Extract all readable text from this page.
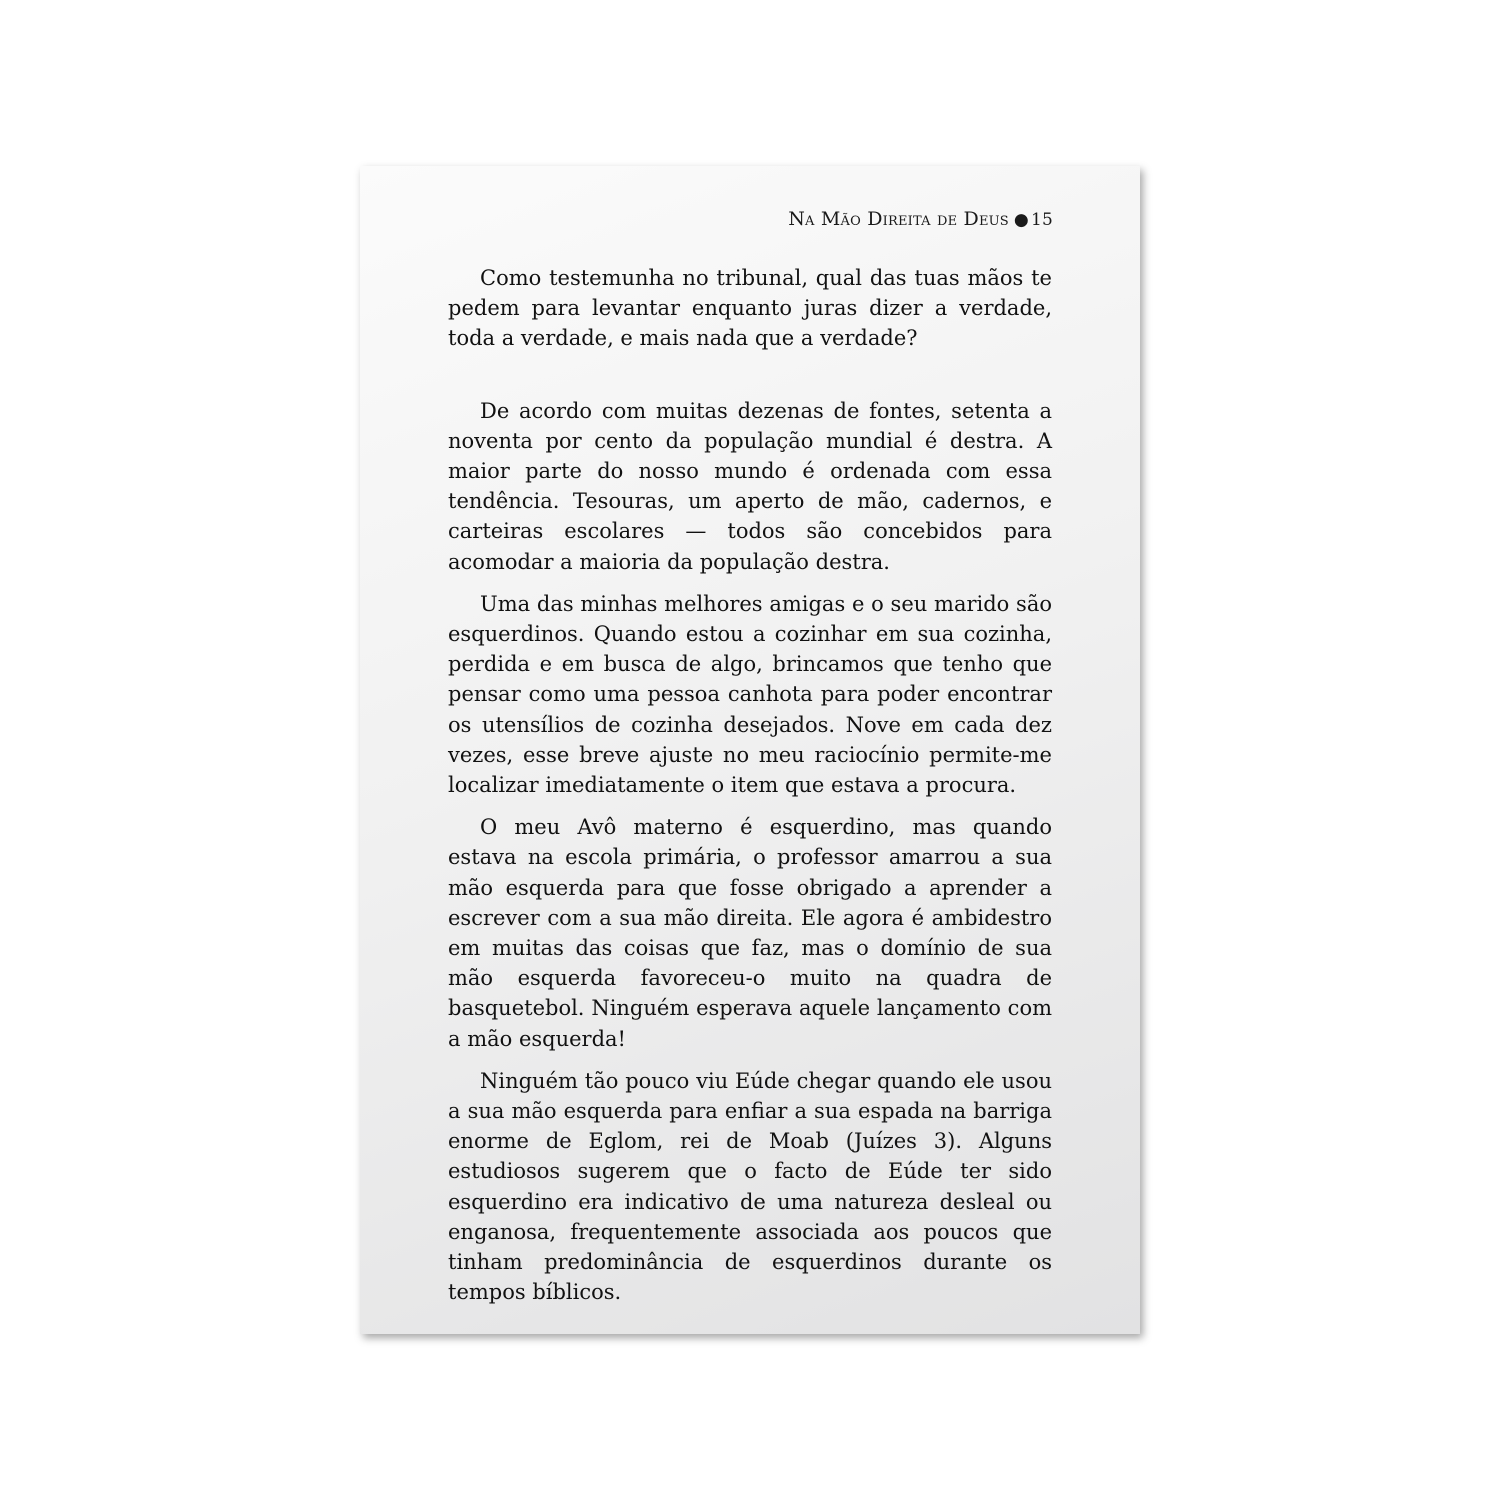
Na Mão Direita de Deus ● 15

Como testemunha no tribunal, qual das tuas mãos te pedem para levantar enquanto juras dizer a verdade, toda a verdade, e mais nada que a verdade?

De acordo com muitas dezenas de fontes, setenta a noventa por cento da população mundial é destra. A maior parte do nosso mundo é ordenada com essa tendência. Tesouras, um aperto de mão, cadernos, e carteiras escolares — todos são concebidos para acomodar a maioria da população destra.

Uma das minhas melhores amigas e o seu marido são esquerdinos. Quando estou a cozinhar em sua cozinha, perdida e em busca de algo, brincamos que tenho que pensar como uma pessoa canhota para poder encontrar os utensílios de cozinha desejados. Nove em cada dez vezes, esse breve ajuste no meu raciocínio permite-me localizar imediatamente o item que estava a procura.

O meu Avô materno é esquerdino, mas quando estava na escola primária, o professor amarrou a sua mão esquerda para que fosse obrigado a aprender a escrever com a sua mão direita. Ele agora é ambidestro em muitas das coisas que faz, mas o domínio de sua mão esquerda favoreceu-o muito na quadra de basquetebol. Ninguém esperava aquele lançamento com a mão esquerda!

Ninguém tão pouco viu Eúde chegar quando ele usou a sua mão esquerda para enfiar a sua espada na barriga enorme de Eglom, rei de Moab (Juízes 3). Alguns estudiosos sugerem que o facto de Eúde ter sido esquerdino era indicativo de uma natureza desleal ou enganosa, frequentemente associada aos poucos que tinham predominância de esquerdinos durante os tempos bíblicos.
